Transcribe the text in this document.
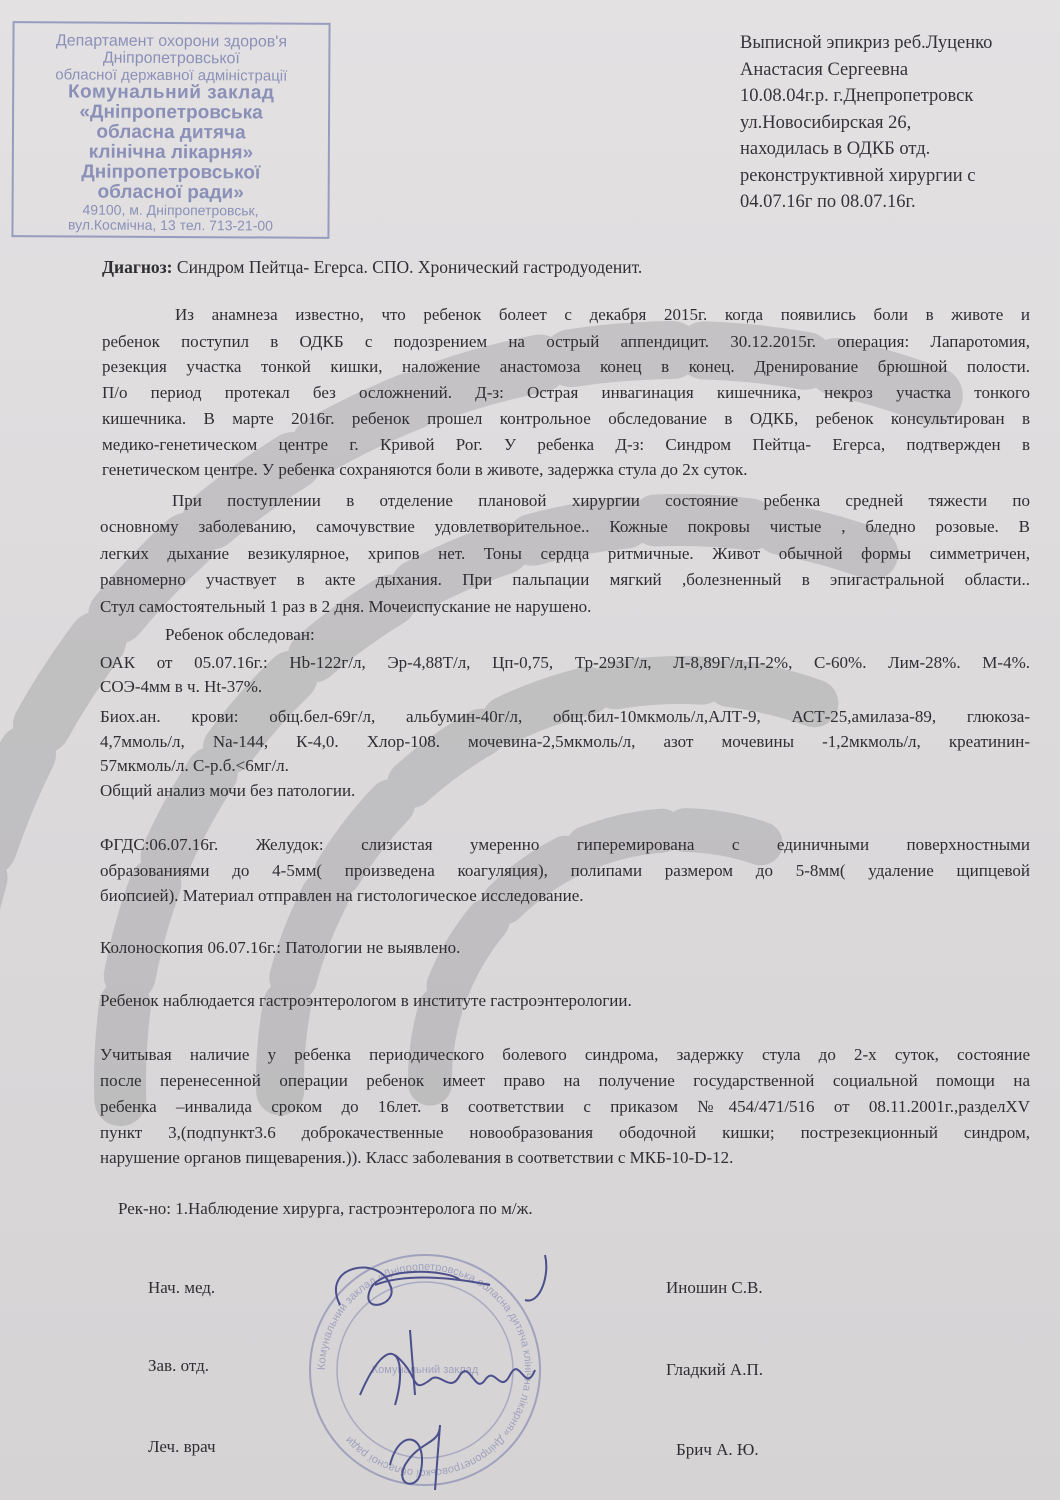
Департамент охорони здоров'я
Дніпропетровської
обласної державної адміністрації
Комунальний заклад
«Дніпропетровська
обласна дитяча
клінічна лікарня»
Дніпропетровської
обласної ради»
49100, м. Дніпропетровськ,
вул.Космічна, 13 тел. 713-21-00
Выписной эпикриз реб.Луценко
Анастасия Сергеевна
10.08.04г.р. г.Днепропетровск
ул.Новосибирская 26,
находилась в ОДКБ отд.
реконструктивной хирургии с
04.07.16г по 08.07.16г.
Диагноз: Синдром Пейтца- Егерса. СПО. Хронический гастродуоденит.
Из анамнеза известно, что ребенок болеет с декабря 2015г. когда появились боли в животе и
ребенок поступил в ОДКБ с подозрением на острый аппендицит. 30.12.2015г. операция: Лапаротомия,
резекция участка тонкой кишки, наложение анастомоза конец в конец. Дренирование брюшной полости.
П/о период протекал без осложнений. Д-з: Острая инвагинация кишечника, некроз участка тонкого
кишечника. В марте 2016г. ребенок прошел контрольное обследование в ОДКБ, ребенок консультирован в
медико-генетическом центре г. Кривой Рог. У ребенка Д-з: Синдром Пейтца- Егерса, подтвержден в
генетическом центре. У ребенка сохраняются боли в животе, задержка стула до 2х суток.
При поступлении в отделение плановой хирургии состояние ребенка средней тяжести по
основному заболеванию, самочувствие удовлетворительное.. Кожные покровы чистые , бледно розовые. В
легких дыхание везикулярное, хрипов нет. Тоны сердца ритмичные. Живот обычной формы симметричен,
равномерно участвует в акте дыхания. При пальпации мягкий ,болезненный в эпигастральной области..
Стул самостоятельный 1 раз в 2 дня. Мочеиспускание не нарушено.
Ребенок обследован:
ОАК от 05.07.16г.: Hb-122г/л, Эр-4,88Т/л, Цп-0,75, Тр-293Г/л, Л-8,89Г/л,П-2%, С-60%. Лим-28%. М-4%.
СОЭ-4мм в ч. Ht-37%.
Биох.ан. крови: общ.бел-69г/л, альбумин-40г/л, общ.бил-10мкмоль/л,АЛТ-9, АСТ-25,амилаза-89, глюкоза-
4,7ммоль/л, Na-144, К-4,0. Хлор-108. мочевина-2,5мкмоль/л, азот мочевины -1,2мкмоль/л, креатинин-
57мкмоль/л. С-р.б.<6мг/л.
Общий анализ мочи без патологии.
ФГДС:06.07.16г. Желудок: слизистая умеренно гиперемирована с единичными поверхностными
образованиями до 4-5мм( произведена коагуляция), полипами размером до 5-8мм( удаление щипцевой
биопсией). Материал отправлен на гистологическое исследование.
Колоноскопия 06.07.16г.: Патологии не выявлено.
Ребенок наблюдается гастроэнтерологом в институте гастроэнтерологии.
Учитывая наличие у ребенка периодического болевого синдрома, задержку стула до 2-х суток, состояние
после перенесенной операции ребенок имеет право на получение государственной социальной помощи на
ребенка –инвалида сроком до 16лет. в соответствии с приказом №454/471/516 от 08.11.2001г.,разделXV
пункт 3,(подпункт3.6 доброкачественные новообразования ободочной кишки; пострезекционный синдром,
нарушение органов пищеварения.)). Класс заболевания в соответствии с МКБ-10-D-12.
Рек-но: 1.Наблюдение хирурга, гастроэнтеролога по м/ж.
Нач. мед.	Иношин С.В.
Зав. отд.	Гладкий А.П.
Леч. врач	Брич А. Ю.
Комунальний заклад «Дніпропетровська обласна дитяча клінічна лікарня» Дніпропетровської обласної ради
Комунальний заклад
